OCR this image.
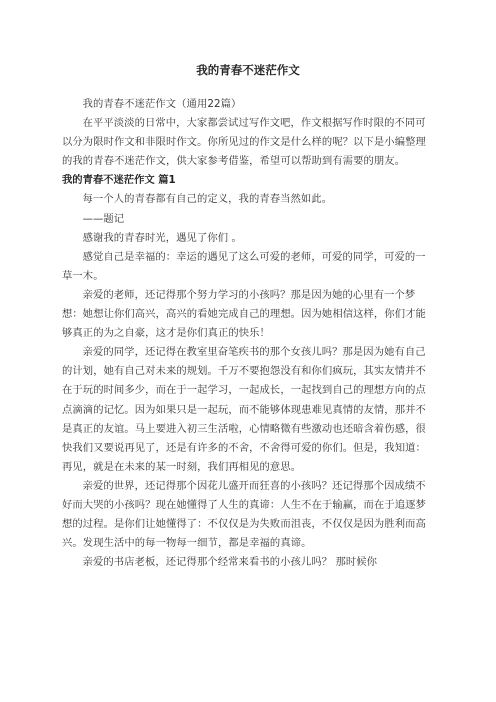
我的青春不迷茫作文

我的青春不迷茫作文（通用22篇）

在平平淡淡的日常中，大家都尝试过写作文吧，作文根据写作时限的不同可以分为限时作文和非限时作文。你所见过的作文是什么样的呢？以下是小编整理的我的青春不迷茫作文，供大家参考借鉴，希望可以帮助到有需要的朋友。

我的青春不迷茫作文 篇1

每一个人的青春都有自己的定义，我的青春当然如此。

——题记

感谢我的青春时光，遇见了你们 。

感觉自己是幸福的：幸运的遇见了这么可爱的老师，可爱的同学，可爱的一草一木。

亲爱的老师，还记得那个努力学习的小孩吗？那是因为她的心里有一个梦想：她想让你们高兴，高兴的看她完成自己的理想。因为她相信这样，你们才能够真正的为之自豪，这才是你们真正的快乐！

亲爱的同学，还记得在教室里奋笔疾书的那个女孩儿吗？那是因为她有自己的计划，她有自己对未来的规划。千万不要抱怨没有和你们疯玩，其实友情并不在于玩的时间多少，而在于一起学习，一起成长，一起找到自己的理想方向的点点滴滴的记忆。因为如果只是一起玩，而不能够体现患难见真情的友情，那并不是真正的友谊。马上要进入初三生活啦，心情略微有些激动也还暗含着伤感，很快我们又要说再见了，还是有许多的不舍，不舍得可爱的你们。但是，我知道：再见，就是在未来的某一时刻，我们再相见的意思。

亲爱的世界，还记得那个因花儿盛开而狂喜的小孩吗？还记得那个因成绩不好而大哭的小孩吗？现在她懂得了人生的真谛：人生不在于输赢，而在于追逐梦想的过程。是你们让她懂得了：不仅仅是为失败而沮丧，不仅仅是因为胜利而高兴。发现生活中的每一物每一细节，都是幸福的真谛。

亲爱的书店老板，还记得那个经常来看书的小孩儿吗？ 那时候你
